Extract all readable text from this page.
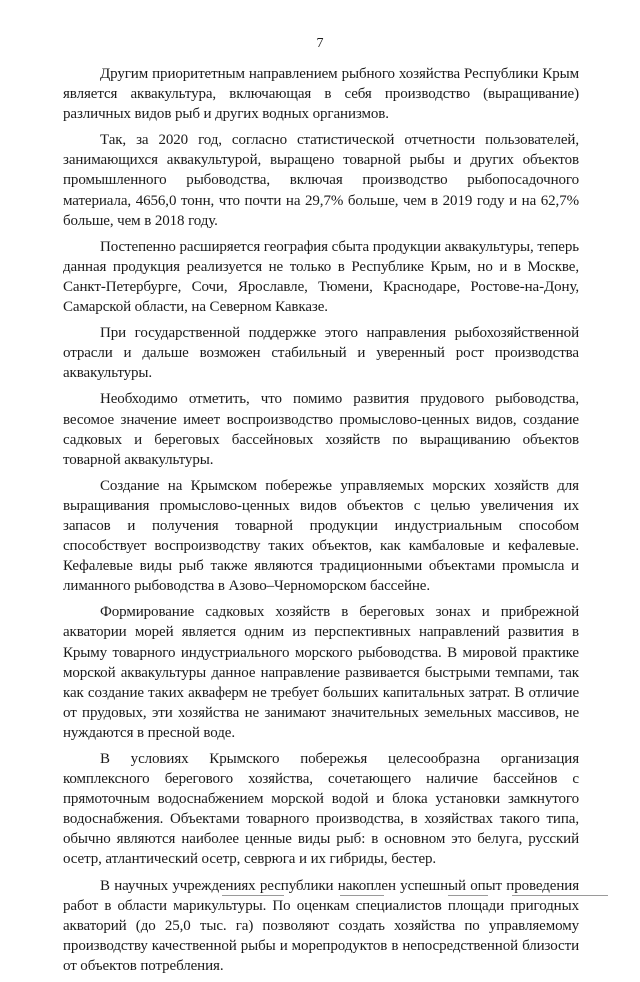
7

Другим приоритетным направлением рыбного хозяйства Республики Крым является аквакультура, включающая в себя производство (выращивание) различных видов рыб и других водных организмов.

Так, за 2020 год, согласно статистической отчетности пользователей, занимающихся аквакультурой, выращено товарной рыбы и других объектов промышленного рыбоводства, включая производство рыбопосадочного материала, 4656,0 тонн, что почти на 29,7% больше, чем в 2019 году и на 62,7% больше, чем в 2018 году.

Постепенно расширяется география сбыта продукции аквакультуры, теперь данная продукция реализуется не только в Республике Крым, но и в Москве, Санкт-Петербурге, Сочи, Ярославле, Тюмени, Краснодаре, Ростове-на-Дону, Самарской области, на Северном Кавказе.

При государственной поддержке этого направления рыбохозяйственной отрасли и дальше возможен стабильный и уверенный рост производства аквакультуры.

Необходимо отметить, что помимо развития прудового рыбоводства, весомое значение имеет воспроизводство промыслово-ценных видов, создание садковых и береговых бассейновых хозяйств по выращиванию объектов товарной аквакультуры.

Создание на Крымском побережье управляемых морских хозяйств для выращивания промыслово-ценных видов объектов с целью увеличения их запасов и получения товарной продукции индустриальным способом способствует воспроизводству таких объектов, как камбаловые и кефалевые. Кефалевые виды рыб также являются традиционными объектами промысла и лиманного рыбоводства в Азово–Черноморском бассейне.

Формирование садковых хозяйств в береговых зонах и прибрежной акватории морей является одним из перспективных направлений развития в Крыму товарного индустриального морского рыбоводства. В мировой практике морской аквакультуры данное направление развивается быстрыми темпами, так как создание таких акваферм не требует больших капитальных затрат. В отличие от прудовых, эти хозяйства не занимают значительных земельных массивов, не нуждаются в пресной воде.

В условиях Крымского побережья целесообразна организация комплексного берегового хозяйства, сочетающего наличие бассейнов с прямоточным водоснабжением морской водой и блока установки замкнутого водоснабжения. Объектами товарного производства, в хозяйствах такого типа, обычно являются наиболее ценные виды рыб: в основном это белуга, русский осетр, атлантический осетр, севрюга и их гибриды, бестер.

В научных учреждениях республики накоплен успешный опыт проведения работ в области марикультуры. По оценкам специалистов площади пригодных акваторий (до 25,0 тыс. га) позволяют создать хозяйства по управляемому производству качественной рыбы и морепродуктов в непосредственной близости от объектов потребления.
